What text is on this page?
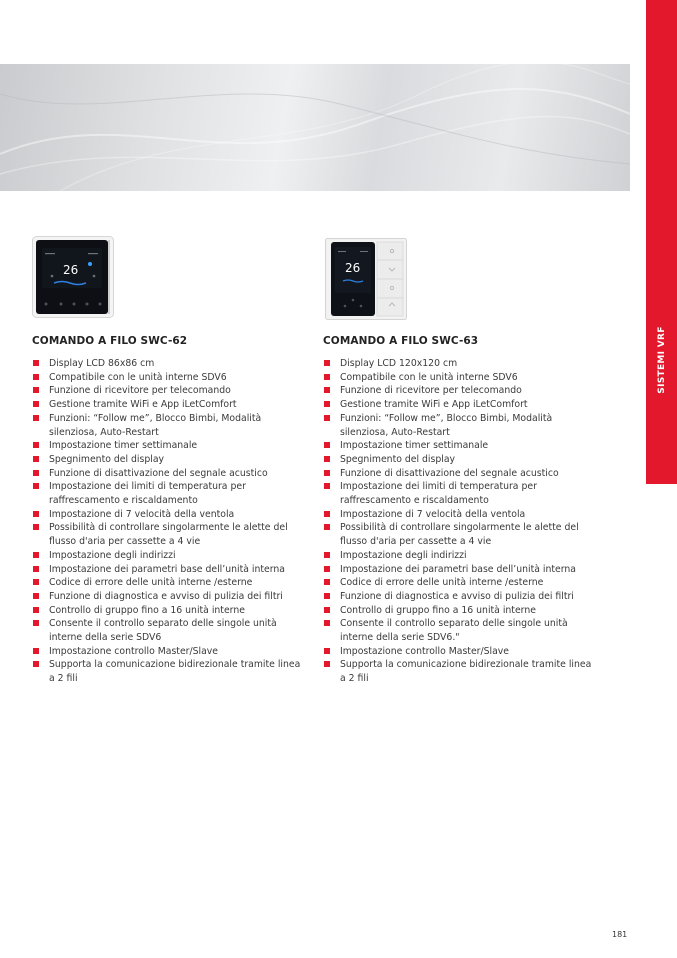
SISTEMI VRF
26	26
COMANDO A FILO SWC-62
Display LCD 86x86 cm
Compatibile con le unità interne SDV6
Funzione di ricevitore per telecomando
Gestione tramite WiFi e App iLetComfort
Funzioni: “Follow me”, Blocco Bimbi, Modalità silenziosa, Auto-Restart
Impostazione timer settimanale
Spegnimento del display
Funzione di disattivazione del segnale acustico
Impostazione dei limiti di temperatura per raffrescamento e riscaldamento
Impostazione di 7 velocità della ventola
Possibilità di controllare singolarmente le alette del flusso d'aria per cassette a 4 vie
Impostazione degli indirizzi
Impostazione dei parametri base dell’unità interna
Codice di errore delle unità interne /esterne
Funzione di diagnostica e avviso di pulizia dei filtri
Controllo di gruppo fino a 16 unità interne
Consente il controllo separato delle singole unità interne della serie SDV6
Impostazione controllo Master/Slave
Supporta la comunicazione bidirezionale tramite linea a 2 fili
COMANDO A FILO SWC-63
Display LCD 120x120 cm
Compatibile con le unità interne SDV6
Funzione di ricevitore per telecomando
Gestione tramite WiFi e App iLetComfort
Funzioni: “Follow me”, Blocco Bimbi, Modalità silenziosa, Auto-Restart
Impostazione timer settimanale
Spegnimento del display
Funzione di disattivazione del segnale acustico
Impostazione dei limiti di temperatura per raffrescamento e riscaldamento
Impostazione di 7 velocità della ventola
Possibilità di controllare singolarmente le alette del flusso d'aria per cassette a 4 vie
Impostazione degli indirizzi
Impostazione dei parametri base dell’unità interna
Codice di errore delle unità interne /esterne
Funzione di diagnostica e avviso di pulizia dei filtri
Controllo di gruppo fino a 16 unità interne
Consente il controllo separato delle singole unità interne della serie SDV6."
Impostazione controllo Master/Slave
Supporta la comunicazione bidirezionale tramite linea a 2 fili
181
